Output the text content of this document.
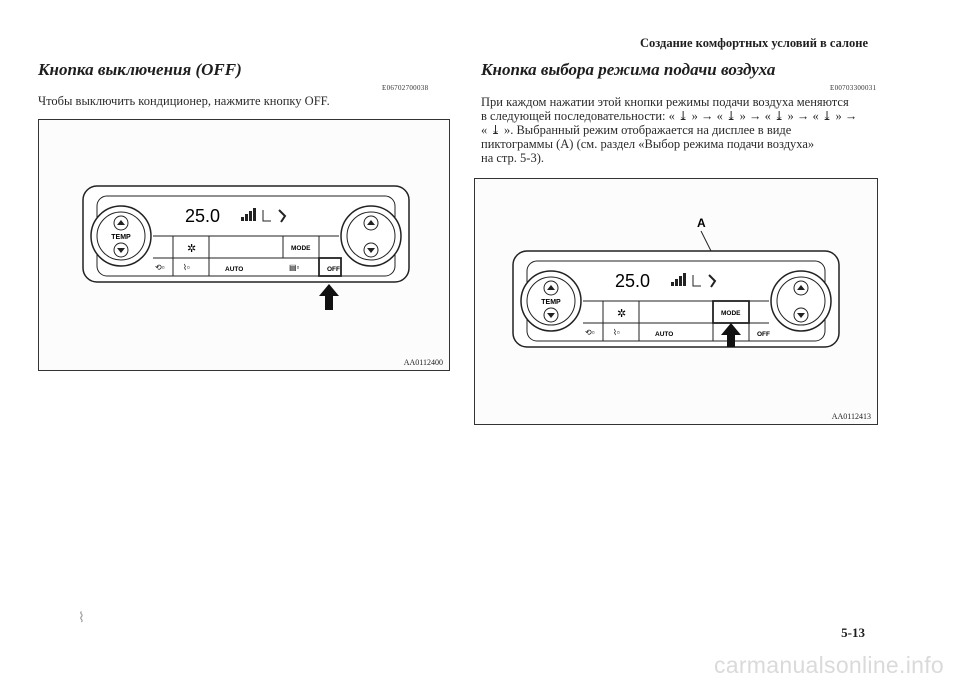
Создание комфортных условий в салоне
Кнопка выключения (OFF)
E06702700038
Чтобы выключить кондиционер, нажмите кнопку OFF.
TEMP
25.0
✲	MODE
⟲▫ ⌇▫	AUTO	▤▫	OFF
AA0112400
Кнопка выбора режима подачи воздуха
E00703300031
При каждом нажатии этой кнопки режимы подачи воздуха меняются
в следующей последовательности: « ⤓ » → « ⤓ » → « ⤓ » → « ⤓ » →
« ⤓ ». Выбранный режим отображается на дисплее в виде
пиктограммы (А) (см. раздел «Выбор режима подачи воздуха»
на стр. 5-3).
A
TEMP
25.0
✲	MODE
⟲▫ ⌇▫	AUTO	OFF
AA0112413
⌇
5-13
carmanualsonline.info
